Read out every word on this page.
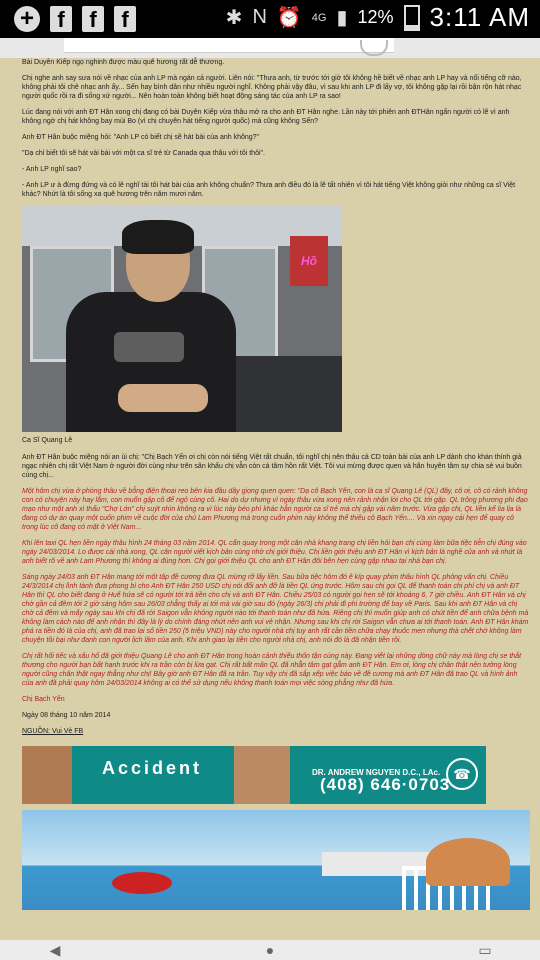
+	f	f	f	✱ N ⏰ 4G ▮ 12% 3:11 AM

Bài Duyên Kiếp ngọ nghinh được màu quê hương rất dễ thương.

Chị nghe anh say sưa nói về nhạc của anh LP mà ngán cả người. Liên nói: "Thưa anh, từ trước tới giờ tôi không hề biết về nhạc anh LP hay và nổi tiếng cỡ nào, không phải tôi chê nhạc anh ấy... Sến hay bình dân như nhiều người nghĩ. Không phải vậy đâu, vì sau khi anh LP đi lấy vợ, tôi không gặp lại rồi bận rộn hát nhạc người quốc rồi ra đi sống xứ người... Nên hoàn toàn không biết hoạt động sáng tác của anh LP ra sao!

Lúc đang nói với anh ĐT Hân xong chị đang có bài Duyên Kiếp vừa thâu mở ra cho anh ĐT Hân nghe. Lần này tới phiên anh ĐTHân ngẩn người có lẽ vì anh không ngờ chị hát không bay mùi Bo (vì chị chuyên hát tiếng người quốc) mà cũng không Sến?

Anh ĐT Hân buộc miệng hỏi: "Anh LP có biết chị sẽ hát bài của anh không?"

"Dạ chỉ biết tôi sẽ hát vài bài với một ca sĩ trẻ từ Canada qua thâu với tôi thôi".

- Anh LP nghĩ sao?

- Anh LP ư à đừng đứng và có lẽ nghĩ tài tôi hát bài của anh không chuẩn? Thưa anh điều đó là lẽ tất nhiên vì tôi hát tiếng Việt không giỏi như những ca sĩ Việt khác? Nhứt là tôi sống xa quê hương trên năm mươi năm.

Hồ
Ca Sĩ Quang Lê

Anh ĐT Hân buộc miệng nói an ủi chị: "Chị Bạch Yến ơi chị còn nói tiếng Việt rất chuẩn, tôi nghĩ chị nên thâu cả CD toàn bài của anh LP dành cho khán thính giả ngạc nhiên chị rất Việt Nam ở người đời cùng như trên sân khấu chị vẫn còn cả tâm hồn rất Việt. Tôi vui mừng được quen và hân huyên tâm sự chia sẻ vui buồn cùng chị...

Một hôm chị vừa ở phòng thâu về bỗng điện thoại reo bên kia đầu dây giọng quen quen: "Dạ cô Bạch Yến, con là ca sĩ Quang Lê (QL) đây, cô ơi, cô có rảnh không con có chuyện này hay lắm, con muốn gặp cô để ngỏ cùng cô. Hai do dự nhưng vì ngày thâu vừa xong nên rảnh nhận lời cho QL tới gặp. QL trông phương phi đạo mạo như một anh xì thẩu "Chợ Lớn" chị suýt nhìn không ra vì lúc này béo phì khác hẳn người ca sĩ trẻ mà chị gặp vài năm trước. Vừa gặp chị, QL liền kể lia lịa là đang có dự án quay một cuốn phim về cuộc đời của chú Lam Phương mà trong cuốn phim này không thể thiếu cô Bạch Yến.... Và xin ngay cái hẹn để quay cô trong lúc cô đang có mặt ở Việt Nam...

Khi lên taxi QL hẹn liền ngày thâu hình 24 tháng 03 năm 2014. QL cẩn quay trong một căn nhà khang trang chị liền hỏi bạn chị cùng làm bữa tiệc tiễn chị đúng vào ngày 24/03/2014. Lo được cái nhà xong, QL căn người viết kịch bản cùng nhờ chị giới thiệu. Chị liền giới thiệu anh ĐT Hân vì kịch bản là nghề của anh và nhứt là anh biết rõ về anh Lam Phương thì không ai đúng hơn. Chị gọi giới thiệu QL cho anh ĐT Hân đôi bên hẹn cùng gặp nhau tại nhà bạn chị.

Sáng ngày 24/03 anh ĐT Hân mang tới một tập đề cương đưa QL mừng rỡ lấy liền. Sau bữa tiệc hôm đó ê kíp quay phim thâu hình QL phỏng vấn chị. Chiều 24/3/2014 chị lình tành đưa phong bì cho Anh ĐT Hân 250 USD chị nói đổi anh đỡ là tiền QL ứng trước. Hôm sau chị gọi QL để thanh toán chi phí chị và anh ĐT Hân thì QL cho biết đang ở Huế hứa sẽ có người tới trả tiền cho chị và anh ĐT Hân. Chiều 25/03 có người gọi hẹn sẽ tới khoảng 6, 7 giờ chiều. Anh ĐT Hân và chị chờ gần cả đêm tới 2 giờ sáng hôm sau 26/03 chẳng thấy ai tới mà vài giờ sau đó (ngày 26/3) chị phải đi phi trường để bay về Paris. Sau khi anh ĐT Hân và chị chờ cả đêm và mấy ngày sau khi chị đã rời Saigon vẫn không người nào tới thanh toán như đã hứa. Riêng chị thì muốn giúp anh có chút tiền để anh chữa bệnh mà không làm cách nào để anh nhận thì đây là lý do chính đáng nhứt nên anh vui vẻ nhận. Nhưng sau khi chị rời Saigon vẫn chưa ai tới thanh toán. Anh ĐT Hân khám phá ra tiền đó là của chị, anh đã trao lại số tiền 250 (5 triệu VND) này cho người nhà chị tuy anh rất cần tiền chữa chạy thuốc men nhưng thà chết chớ không làm chuyện tồi bại như đanh con người lịch lãm của anh. Khi anh giao lại tiền cho người nhà chị, anh nói đó là đã nhận tiền rồi.

Chị rất hối tiếc và xấu hổ đã giới thiệu Quang Lê cho anh ĐT Hân trong hoàn cảnh thiếu thốn tận cùng này. Đang viết lại những dòng chữ này mà lòng chị se thắt thương cho người bạn bất hạnh trước khi ra trần còn bị lừa gạt. Chị rất bất mãn QL đã nhẫn tâm gạt gẫm anh ĐT Hân. Em ơi, lòng chị chân thật nên tưởng lòng người cũng chân thật ngay thẳng như chị! Bây giờ anh ĐT Hân đã ra trần. Tuy vậy chị đã sắp xếp việc báo về đề cương mà anh ĐT Hân đã trao QL và hình ảnh của anh đã phải quay hôm 24/03/2014 không ai có thể sử dụng nếu không thanh toán mọi việc sòng phẳng như đã hứa.

Chị Bạch Yến

Ngày 08 tháng 10 năm 2014

NGUỒN: Vui Vẻ FB

Accident	DR. ANDREW NGUYEN D.C., LAc.
(408) 646·0703
☎
◀	●	▭
